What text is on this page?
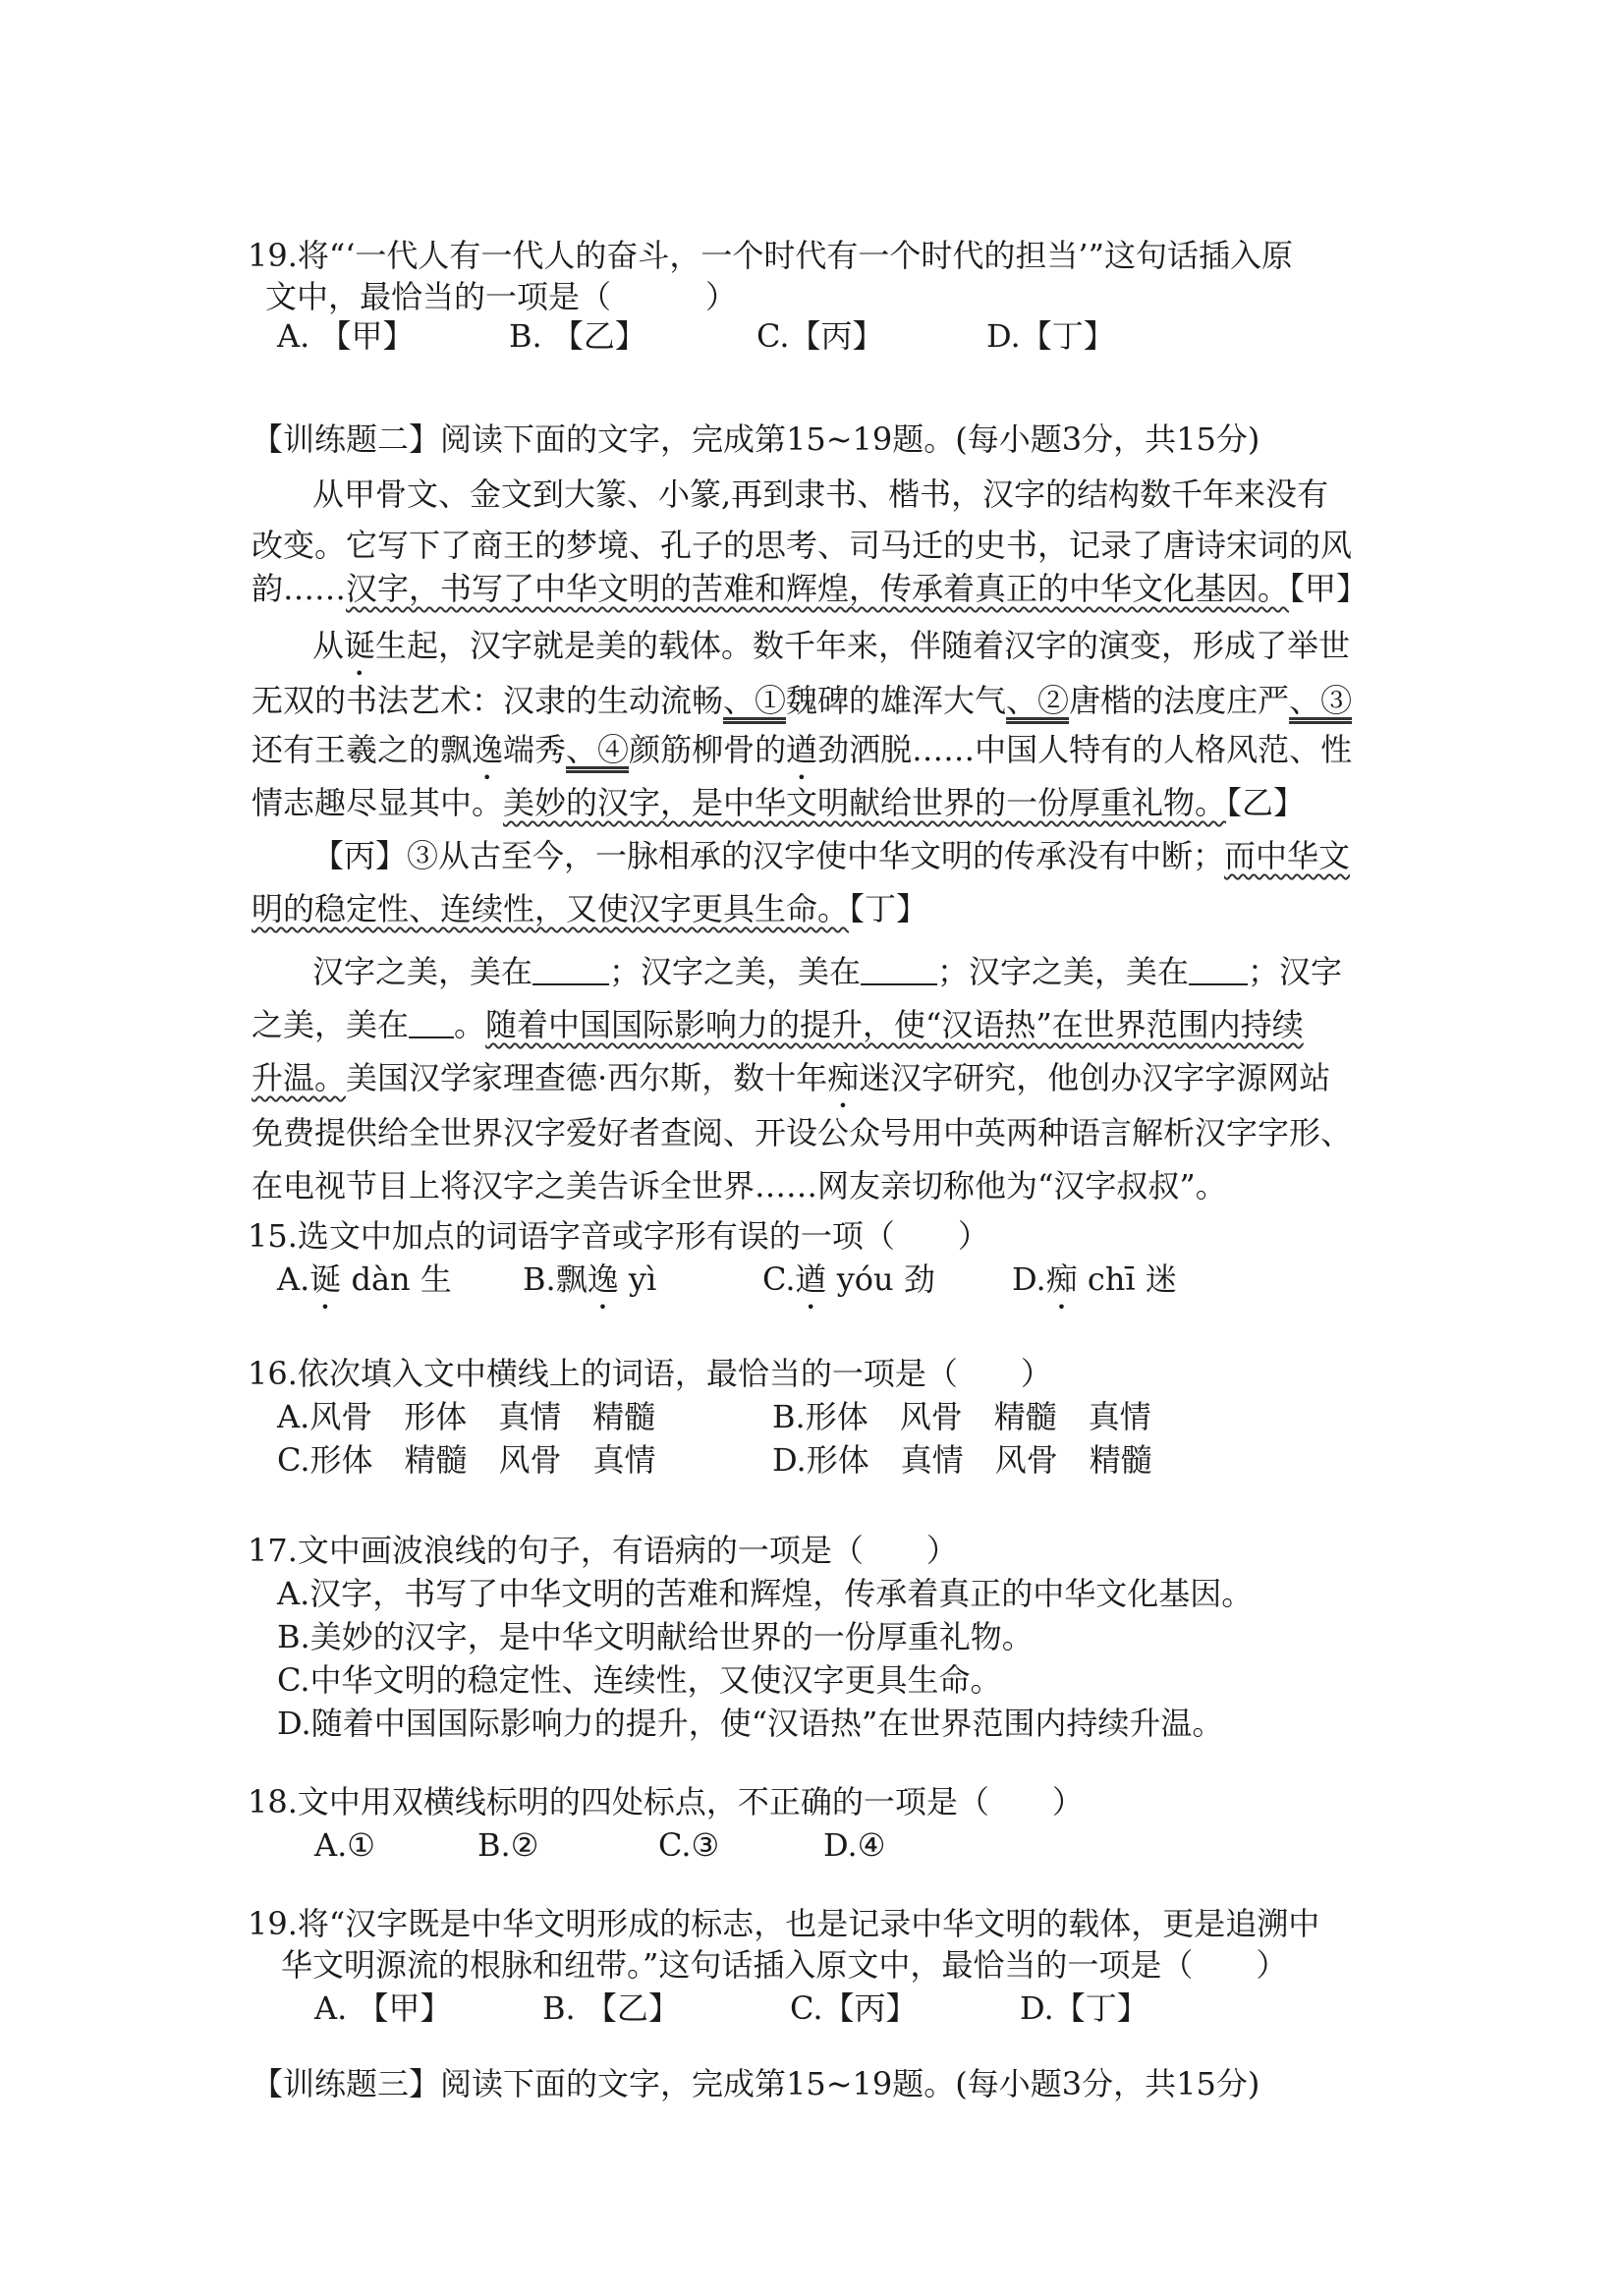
19.将“‘一代人有一代人的奋斗，一个时代有一个时代的担当’”这句话插入原
文中，最恰当的一项是（　　　）
A. 【甲】	B. 【乙】	C.【丙】	D.【丁】
【训练题二】阅读下面的文字，完成第15~19题。(每小题3分，共15分)
从甲骨文、金文到大篆、小篆,再到隶书、楷书，汉字的结构数千年来没有
改变。它写下了商王的梦境、孔子的思考、司马迁的史书，记录了唐诗宋词的风
韵……汉字，书写了中华文明的苦难和辉煌，传承着真正的中华文化基因。【甲】
从诞生起，汉字就是美的载体。数千年来，伴随着汉字的演变，形成了举世
无双的书法艺术：汉隶的生动流畅、①魏碑的雄浑大气、②唐楷的法度庄严、③
还有王羲之的飘逸端秀、④颜筋柳骨的遒劲洒脱……中国人特有的人格风范、性
情志趣尽显其中。美妙的汉字，是中华文明献给世界的一份厚重礼物。【乙】
【丙】③从古至今，一脉相承的汉字使中华文明的传承没有中断；而中华文
明的稳定性、连续性，又使汉字更具生命。【丁】
汉字之美，美在 ；汉字之美，美在 ；汉字之美，美在 ；汉字
之美，美在 。随着中国国际影响力的提升，使“汉语热”在世界范围内持续
升温。美国汉学家理查德·西尔斯，数十年痴迷汉字研究，他创办汉字字源网站
免费提供给全世界汉字爱好者查阅、开设公众号用中英两种语言解析汉字字形、
在电视节目上将汉字之美告诉全世界……网友亲切称他为“汉字叔叔”。
15.选文中加点的词语字音或字形有误的一项（　　）
A.诞 dàn 生 B.飘逸 yì	C.遒 yóu 劲 D.痴 chī 迷
16.依次填入文中横线上的词语，最恰当的一项是（　　）
A.风骨　形体　真情　精髓	B.形体　风骨　精髓　真情
C.形体　精髓　风骨　真情	D.形体　真情　风骨　精髓
17.文中画波浪线的句子，有语病的一项是（　　）
A.汉字，书写了中华文明的苦难和辉煌，传承着真正的中华文化基因。
B.美妙的汉字，是中华文明献给世界的一份厚重礼物。
C.中华文明的稳定性、连续性，又使汉字更具生命。
D.随着中国国际影响力的提升，使“汉语热”在世界范围内持续升温。
18.文中用双横线标明的四处标点，不正确的一项是（　　）
A.①	B.②	C.③	D.④
19.将“汉字既是中华文明形成的标志，也是记录中华文明的载体，更是追溯中
华文明源流的根脉和纽带。”这句话插入原文中，最恰当的一项是（　　）
A. 【甲】	B. 【乙】	C.【丙】	D.【丁】
【训练题三】阅读下面的文字，完成第15~19题。(每小题3分，共15分)
